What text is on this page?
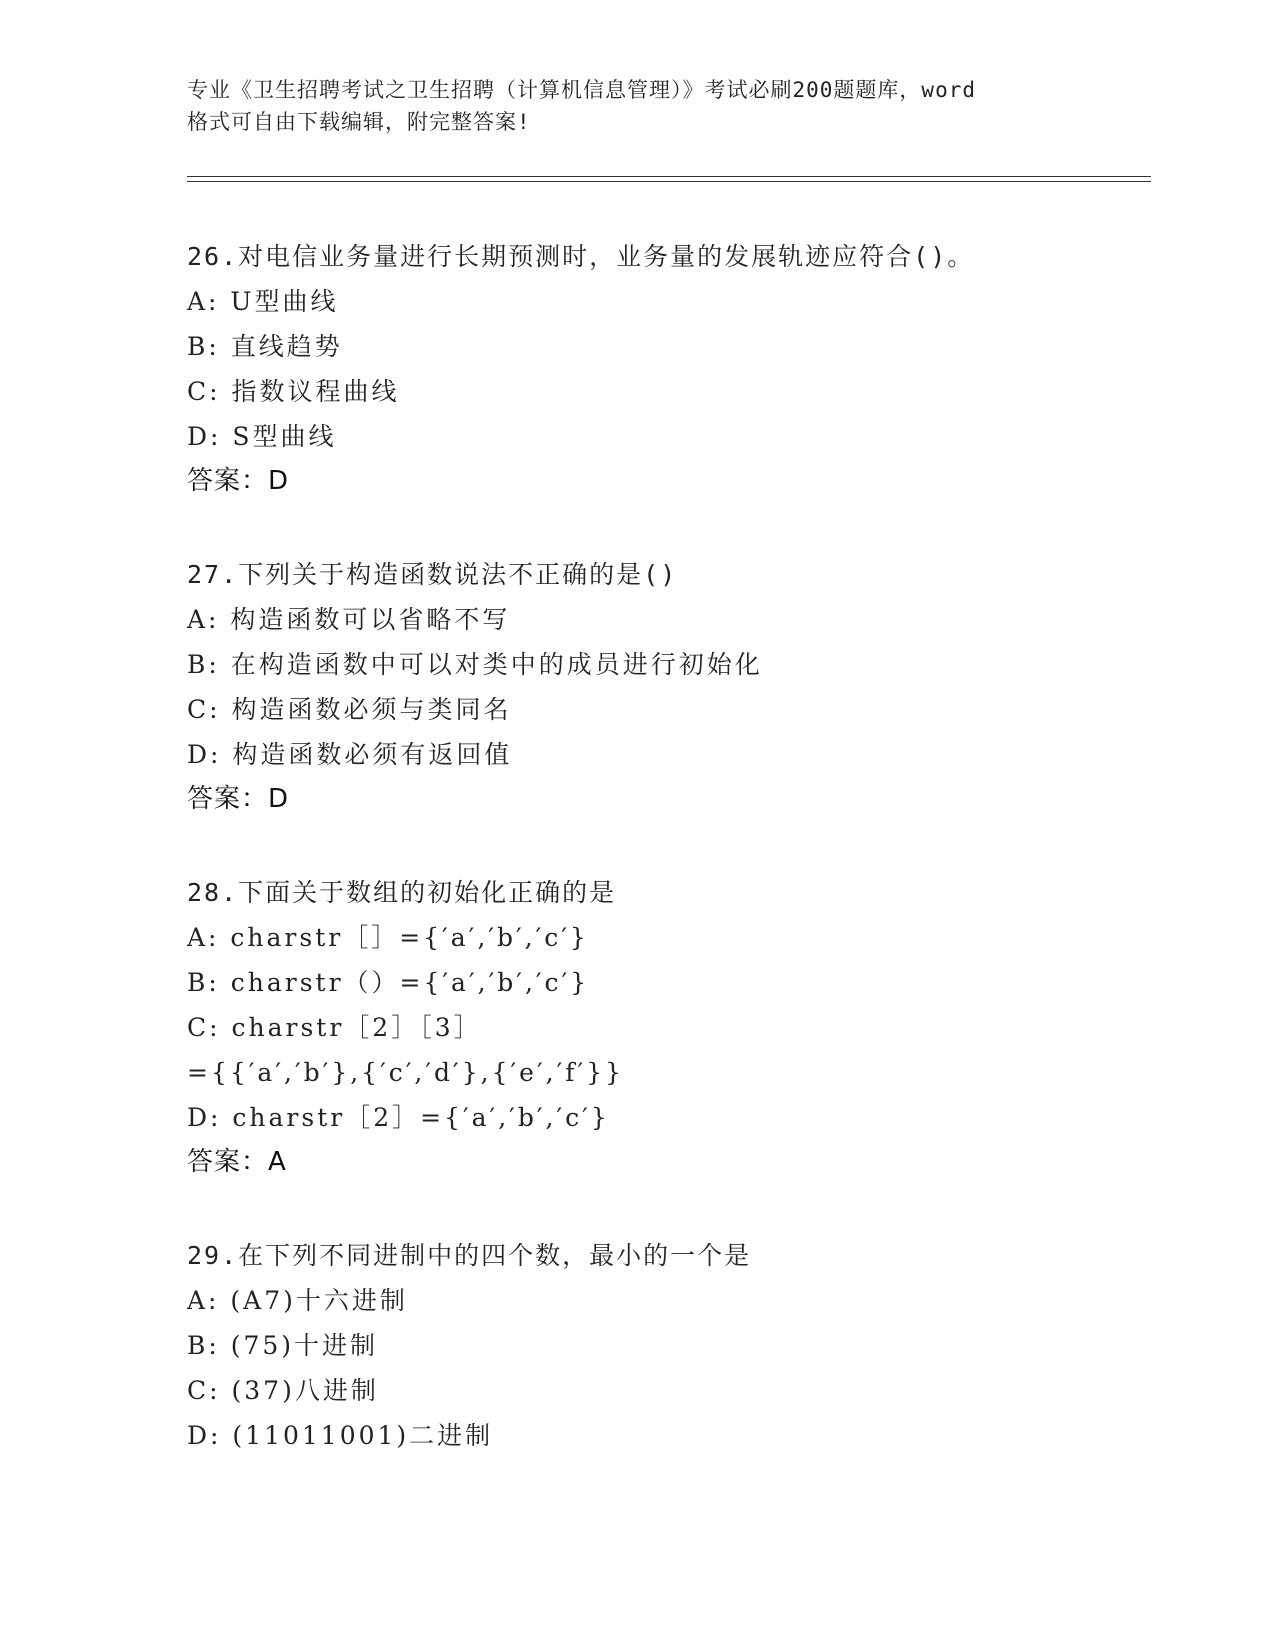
专业《卫生招聘考试之卫生招聘（计算机信息管理）》考试必刷200题题库，word
格式可自由下载编辑，附完整答案!
26.对电信业务量进行长期预测时，业务量的发展轨迹应符合()。
A: U型曲线
B: 直线趋势
C: 指数议程曲线
D: S型曲线
答案：D
27.下列关于构造函数说法不正确的是()
A: 构造函数可以省略不写
B: 在构造函数中可以对类中的成员进行初始化
C: 构造函数必须与类同名
D: 构造函数必须有返回值
答案：D
28.下面关于数组的初始化正确的是
A: charstr［］={′a′,′b′,′c′}
B: charstr（）={′a′,′b′,′c′}
C: charstr［2］［3］
={{′a′,′b′},{′c′,′d′},{′e′,′f′}}
D: charstr［2］={′a′,′b′,′c′}
答案：A
29.在下列不同进制中的四个数，最小的一个是
A: (A7)十六进制
B: (75)十进制
C: (37)八进制
D: (11011001)二进制
